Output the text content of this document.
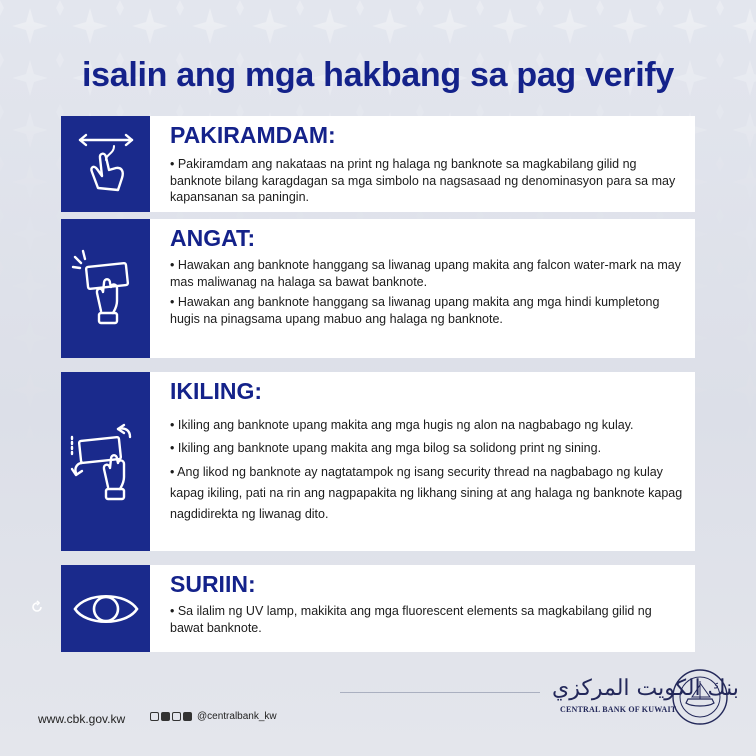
isalin ang mga hakbang sa pag verify
PAKIRAMDAM:

• Pakiramdam ang nakataas na print ng halaga ng banknote sa magkabilang gilid ng banknote bilang karagdagan sa mga simbolo na nagsasaad ng denominasyon para sa may kapansanan sa paningin.

ANGAT:

• Hawakan ang banknote hanggang sa liwanag upang makita ang falcon water-mark na may mas maliwanag na halaga sa bawat banknote.

• Hawakan ang banknote hanggang sa liwanag upang makita ang mga hindi kumpletong hugis na pinagsama upang mabuo ang halaga ng banknote.

IKILING:

• Ikiling ang banknote upang makita ang mga hugis ng alon na nagbabago ng kulay.

• Ikiling ang banknote upang makita ang mga bilog sa solidong print ng sining.

• Ang likod ng banknote ay nagtatampok ng isang security thread na nagbabago ng kulay kapag ikiling, pati na rin ang nagpapakita ng likhang sining at ang halaga ng banknote kapag nagdidirekta ng liwanag dito.

SURIIN:

• Sa ilalim ng UV lamp, makikita ang mga fluorescent elements sa magkabilang gilid ng bawat banknote.

www.cbk.gov.kw	@centralbank_kw
بنك الكويت المركزي
CENTRAL BANK OF KUWAIT
